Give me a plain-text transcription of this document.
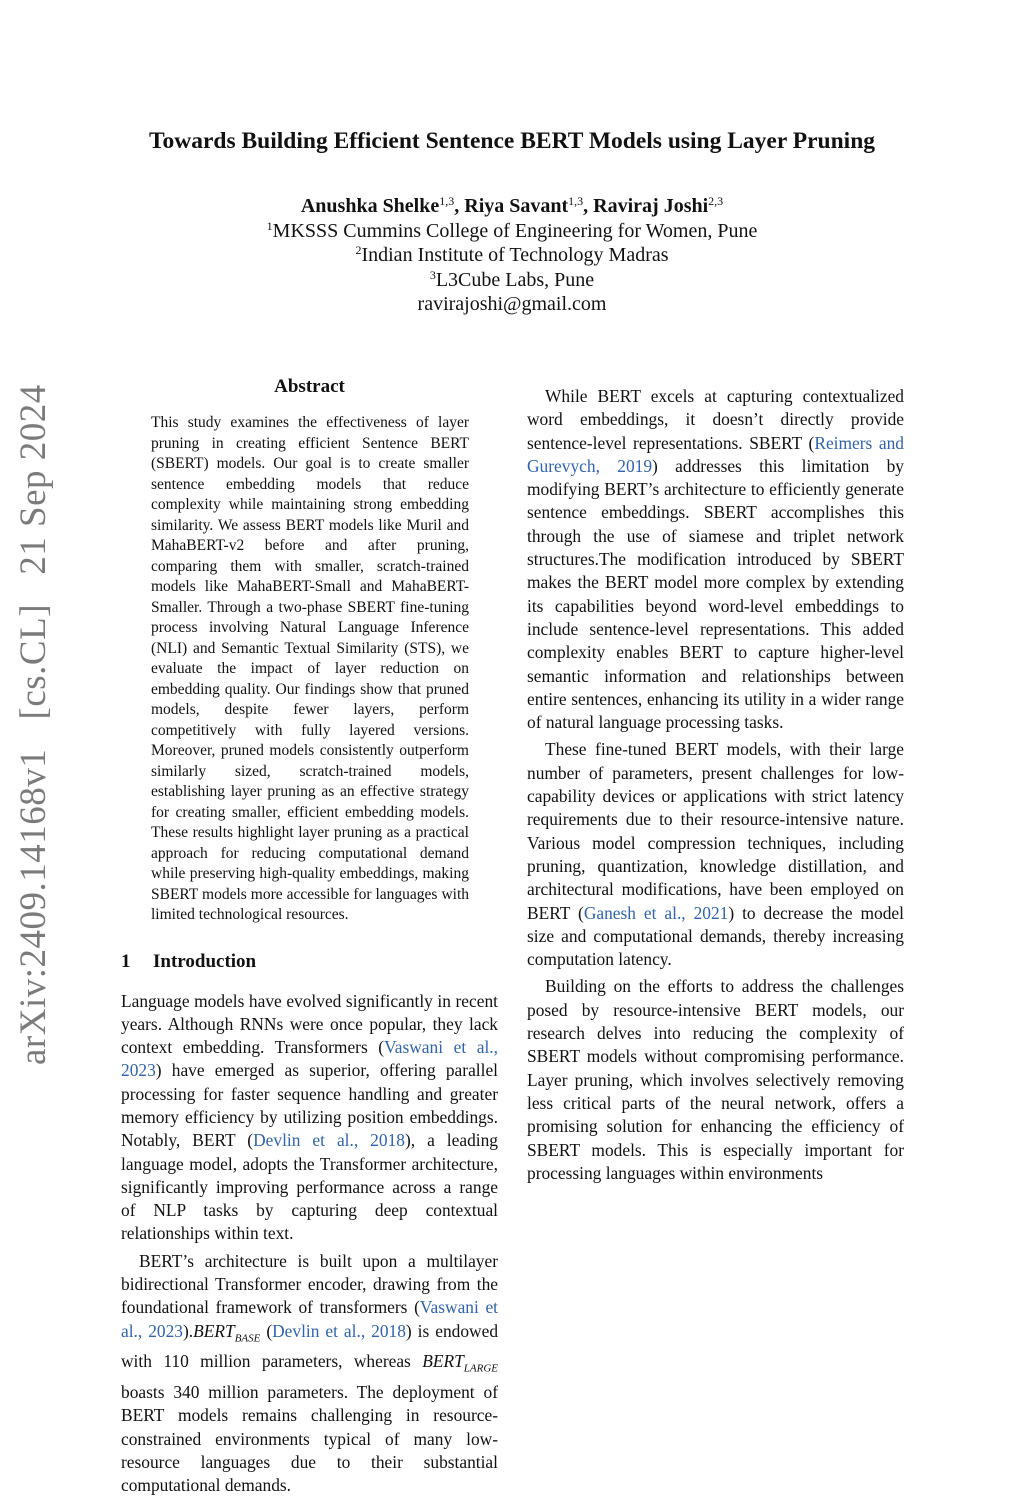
arXiv:2409.14168v1   [cs.CL]   21 Sep 2024
Towards Building Efficient Sentence BERT Models using Layer Pruning
Anushka Shelke$^{1,3}$, Riya Savant$^{1,3}$, Raviraj Joshi$^{2,3}$
$^1$MKSSS Cummins College of Engineering for Women, Pune
$^2$Indian Institute of Technology Madras
$^3$L3Cube Labs, Pune
ravirajoshi@gmail.com
Abstract

This study examines the effectiveness of layer pruning in creating efficient Sentence BERT (SBERT) models. Our goal is to create smaller sentence embedding models that reduce complexity while maintaining strong embedding similarity. We assess BERT models like Muril and MahaBERT-v2 before and after pruning, comparing them with smaller, scratch-trained models like MahaBERT-Small and MahaBERT-Smaller. Through a two-phase SBERT fine-tuning process involving Natural Language Inference (NLI) and Semantic Textual Similarity (STS), we evaluate the impact of layer reduction on embedding quality. Our findings show that pruned models, despite fewer layers, perform competitively with fully layered versions. Moreover, pruned models consistently outperform similarly sized, scratch-trained models, establishing layer pruning as an effective strategy for creating smaller, efficient embedding models. These results highlight layer pruning as a practical approach for reducing computational demand while preserving high-quality embeddings, making SBERT models more accessible for languages with limited technological resources.

1 Introduction

Language models have evolved significantly in recent years. Although RNNs were once popular, they lack context embedding. Transformers (Vaswani et al., 2023) have emerged as superior, offering parallel processing for faster sequence handling and greater memory efficiency by utilizing position embeddings. Notably, BERT (Devlin et al., 2018), a leading language model, adopts the Transformer architecture, significantly improving performance across a range of NLP tasks by capturing deep contextual relationships within text.

BERT’s architecture is built upon a multilayer bidirectional Transformer encoder, drawing from the foundational framework of transformers (Vaswani et al., $2023).BERT_{BASE}$ (Devlin et al., 2018) is endowed with 110 million parameters, whereas $BERT_{LARGE}$ boasts 340 million parameters. The deployment of BERT models remains challenging in resource-constrained environments typical of many low-resource languages due to their substantial computational demands.

While BERT excels at capturing contextualized word embeddings, it doesn’t directly provide sentence-level representations. SBERT (Reimers and Gurevych, 2019) addresses this limitation by modifying BERT’s architecture to efficiently generate sentence embeddings. SBERT accomplishes this through the use of siamese and triplet network structures.The modification introduced by SBERT makes the BERT model more complex by extending its capabilities beyond word-level embeddings to include sentence-level representations. This added complexity enables BERT to capture higher-level semantic information and relationships between entire sentences, enhancing its utility in a wider range of natural language processing tasks.

These fine-tuned BERT models, with their large number of parameters, present challenges for low-capability devices or applications with strict latency requirements due to their resource-intensive nature. Various model compression techniques, including pruning, quantization, knowledge distillation, and architectural modifications, have been employed on BERT (Ganesh et al., 2021) to decrease the model size and computational demands, thereby increasing computation latency.

Building on the efforts to address the challenges posed by resource-intensive BERT models, our research delves into reducing the complexity of SBERT models without compromising performance. Layer pruning, which involves selectively removing less critical parts of the neural network, offers a promising solution for enhancing the efficiency of SBERT models. This is especially important for processing languages within environments
